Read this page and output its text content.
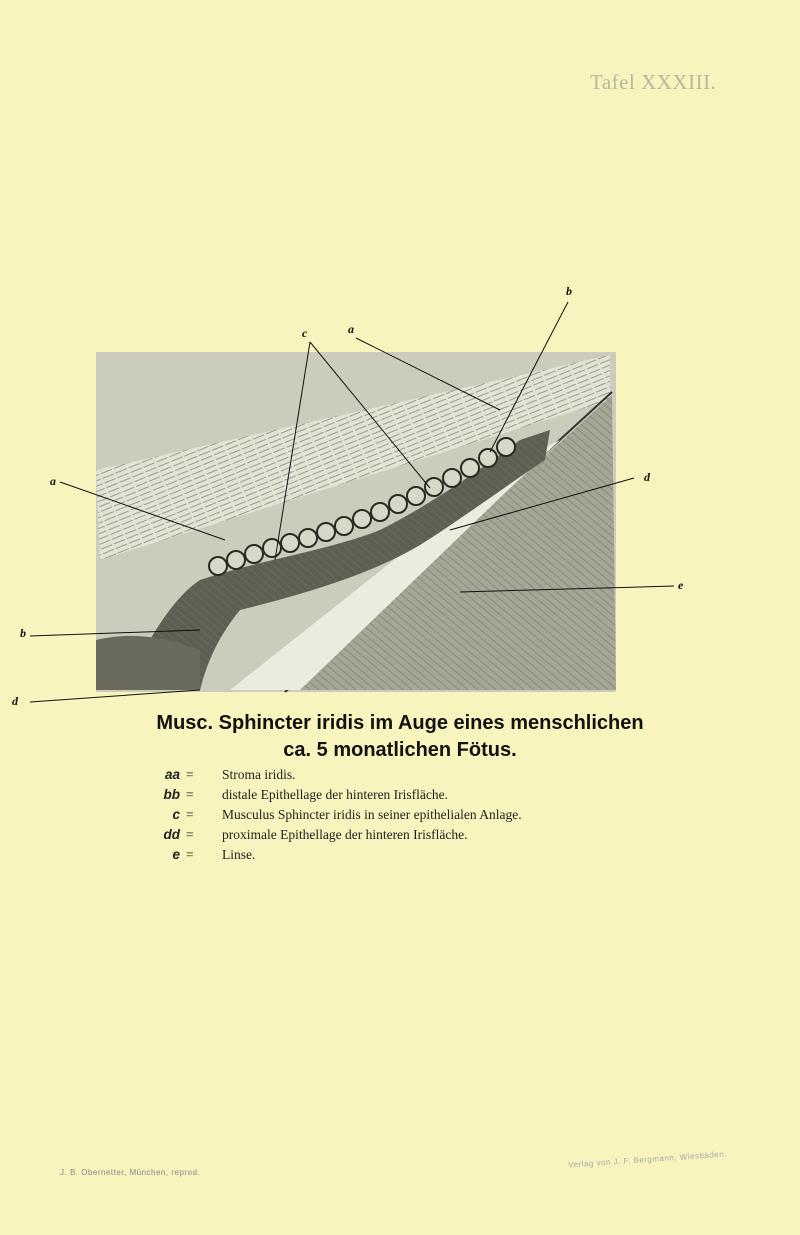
Tafel XXXIII.
c	a
b
a	d
e
b
d
Musc. Sphincter iridis im Auge eines menschlichen
ca. 5 monatlichen Fötus.
aa = Stroma iridis.
bb = distale Epithellage der hinteren Irisfläche.
c = Musculus Sphincter iridis in seiner epithelialen Anlage.
dd = proximale Epithellage der hinteren Irisfläche.
e = Linse.
J. B. Obernetter, München, reprod.
Verlag von J. F. Bergmann, Wiesbaden.
